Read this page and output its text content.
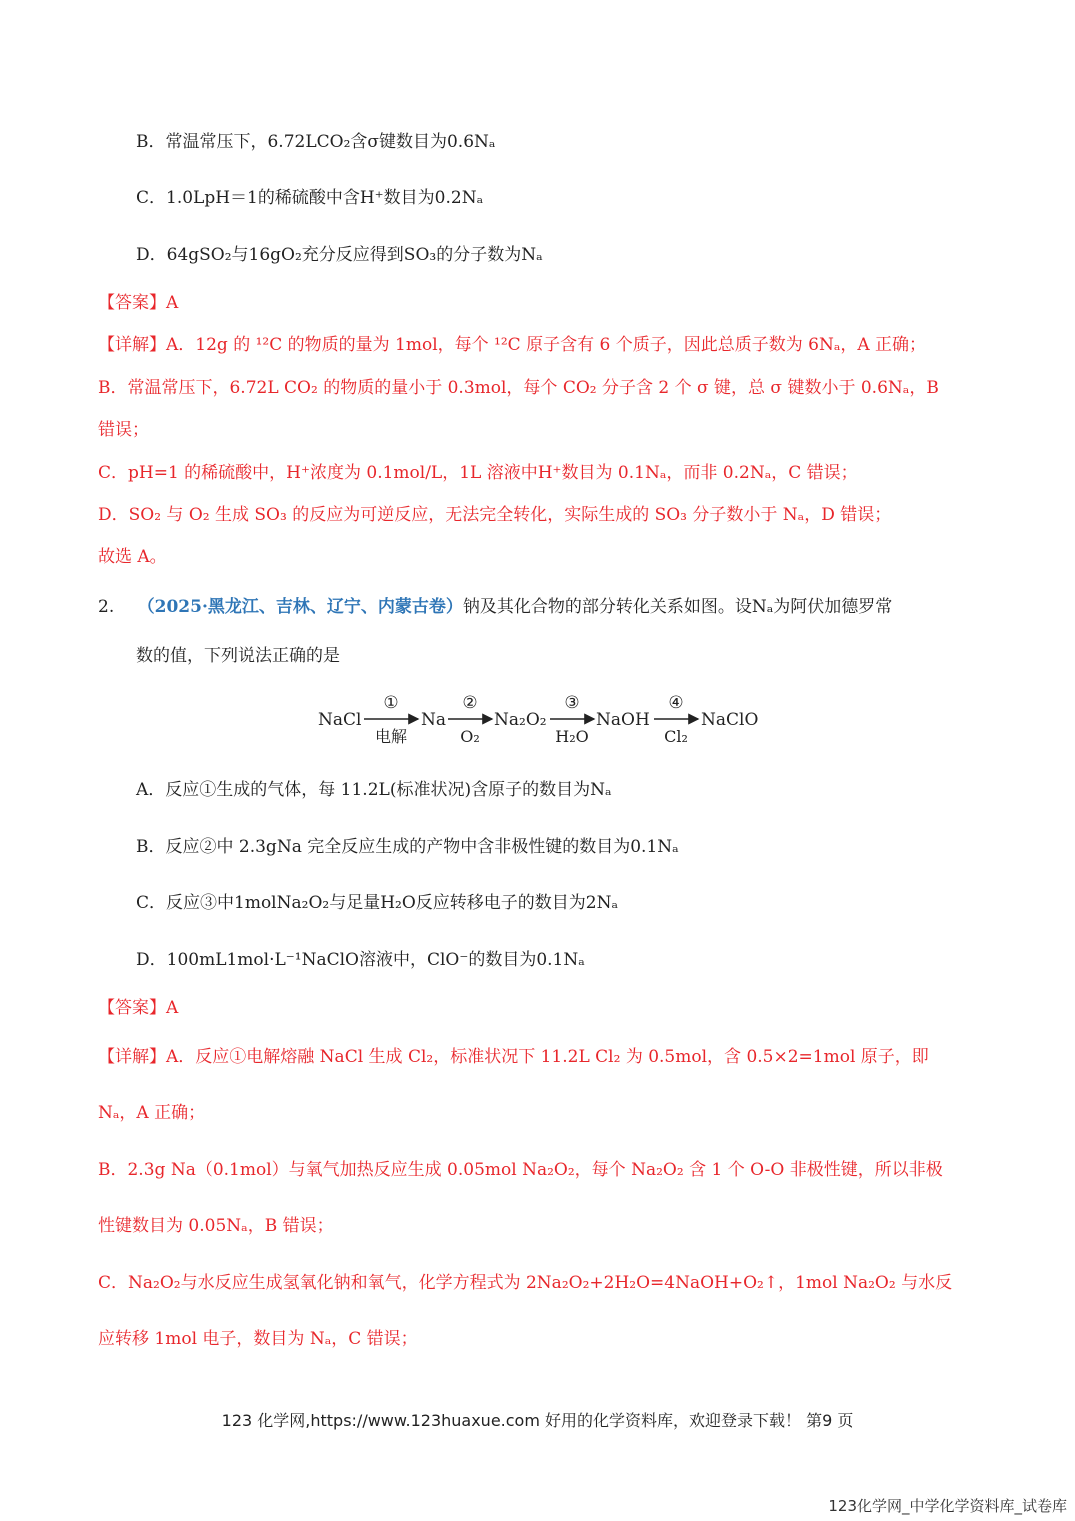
B．常温常压下，6.72LCO₂含σ键数目为0.6Nₐ
C．1.0LpH＝1的稀硫酸中含H⁺数目为0.2Nₐ
D．64gSO₂与16gO₂充分反应得到SO₃的分子数为Nₐ
【答案】A
【详解】A．12g 的 ¹²C 的物质的量为 1mol，每个 ¹²C 原子含有 6 个质子，因此总质子数为 6Nₐ，A 正确；
B．常温常压下，6.72L CO₂ 的物质的量小于 0.3mol，每个 CO₂ 分子含 2 个 σ 键，总 σ 键数小于 0.6Nₐ，B
错误；
C．pH=1 的稀硫酸中，H⁺浓度为 0.1mol/L，1L 溶液中H⁺数目为 0.1Nₐ，而非 0.2Nₐ，C 错误；
D．SO₂ 与 O₂ 生成 SO₃ 的反应为可逆反应，无法完全转化，实际生成的 SO₃ 分子数小于 Nₐ，D 错误；
故选 A。
2. （2025·黑龙江、吉林、辽宁、内蒙古卷）钠及其化合物的部分转化关系如图。设Nₐ为阿伏加德罗常
数的值，下列说法正确的是
NaCl
①
电解
Na
②
O₂
Na₂O₂
③
H₂O
NaOH
④
Cl₂
NaClO
A．反应①生成的气体，每 11.2L(标准状况)含原子的数目为Nₐ
B．反应②中 2.3gNa 完全反应生成的产物中含非极性键的数目为0.1Nₐ
C．反应③中1molNa₂O₂与足量H₂O反应转移电子的数目为2Nₐ
D．100mL1mol·L⁻¹NaClO溶液中，ClO⁻的数目为0.1Nₐ
【答案】A
【详解】A．反应①电解熔融 NaCl 生成 Cl₂，标准状况下 11.2L Cl₂ 为 0.5mol，含 0.5×2=1mol 原子，即
Nₐ，A 正确；
B．2.3g Na（0.1mol）与氧气加热反应生成 0.05mol Na₂O₂，每个 Na₂O₂ 含 1 个 O-O 非极性键，所以非极
性键数目为 0.05Nₐ，B 错误；
C．Na₂O₂与水反应生成氢氧化钠和氧气，化学方程式为 2Na₂O₂+2H₂O=4NaOH+O₂↑，1mol Na₂O₂ 与水反
应转移 1mol 电子，数目为 Nₐ，C 错误；
123 化学网,https://www.123huaxue.com 好用的化学资料库，欢迎登录下载！ 第9 页
123化学网_中学化学资料库_试卷库
